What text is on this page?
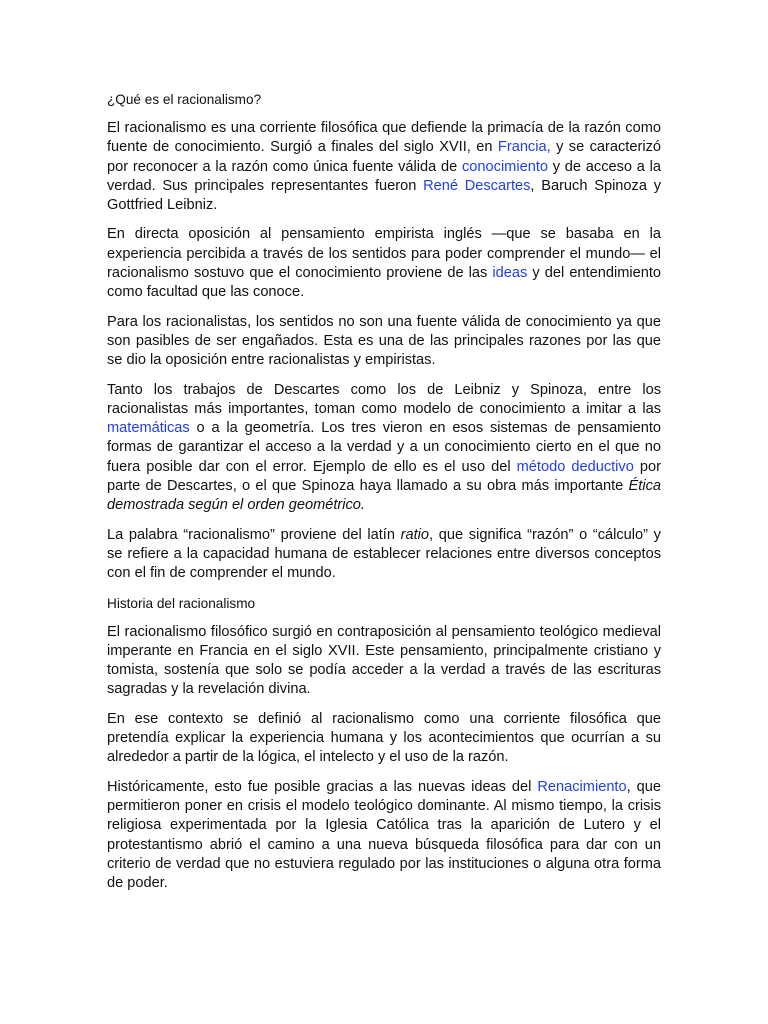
¿Qué es el racionalismo?

El racionalismo es una corriente filosófica que defiende la primacía de la razón como fuente de conocimiento. Surgió a finales del siglo XVII, en Francia, y se caracterizó por reconocer a la razón como única fuente válida de conocimiento y de acceso a la verdad. Sus principales representantes fueron René Descartes, Baruch Spinoza y Gottfried Leibniz.

En directa oposición al pensamiento empirista inglés —que se basaba en la experiencia percibida a través de los sentidos para poder comprender el mundo— el racionalismo sostuvo que el conocimiento proviene de las ideas y del entendimiento como facultad que las conoce.

Para los racionalistas, los sentidos no son una fuente válida de conocimiento ya que son pasibles de ser engañados. Esta es una de las principales razones por las que se dio la oposición entre racionalistas y empiristas.

Tanto los trabajos de Descartes como los de Leibniz y Spinoza, entre los racionalistas más importantes, toman como modelo de conocimiento a imitar a las matemáticas o a la geometría. Los tres vieron en esos sistemas de pensamiento formas de garantizar el acceso a la verdad y a un conocimiento cierto en el que no fuera posible dar con el error. Ejemplo de ello es el uso del método deductivo por parte de Descartes, o el que Spinoza haya llamado a su obra más importante Ética demostrada según el orden geométrico.

La palabra “racionalismo” proviene del latín ratio, que significa “razón” o “cálculo” y se refiere a la capacidad humana de establecer relaciones entre diversos conceptos con el fin de comprender el mundo.

Historia del racionalismo

El racionalismo filosófico surgió en contraposición al pensamiento teológico medieval imperante en Francia en el siglo XVII. Este pensamiento, principalmente cristiano y tomista, sostenía que solo se podía acceder a la verdad a través de las escrituras sagradas y la revelación divina.

En ese contexto se definió al racionalismo como una corriente filosófica que pretendía explicar la experiencia humana y los acontecimientos que ocurrían a su alrededor a partir de la lógica, el intelecto y el uso de la razón.

Históricamente, esto fue posible gracias a las nuevas ideas del Renacimiento, que permitieron poner en crisis el modelo teológico dominante. Al mismo tiempo, la crisis religiosa experimentada por la Iglesia Católica tras la aparición de Lutero y el protestantismo abrió el camino a una nueva búsqueda filosófica para dar con un criterio de verdad que no estuviera regulado por las instituciones o alguna otra forma de poder.
